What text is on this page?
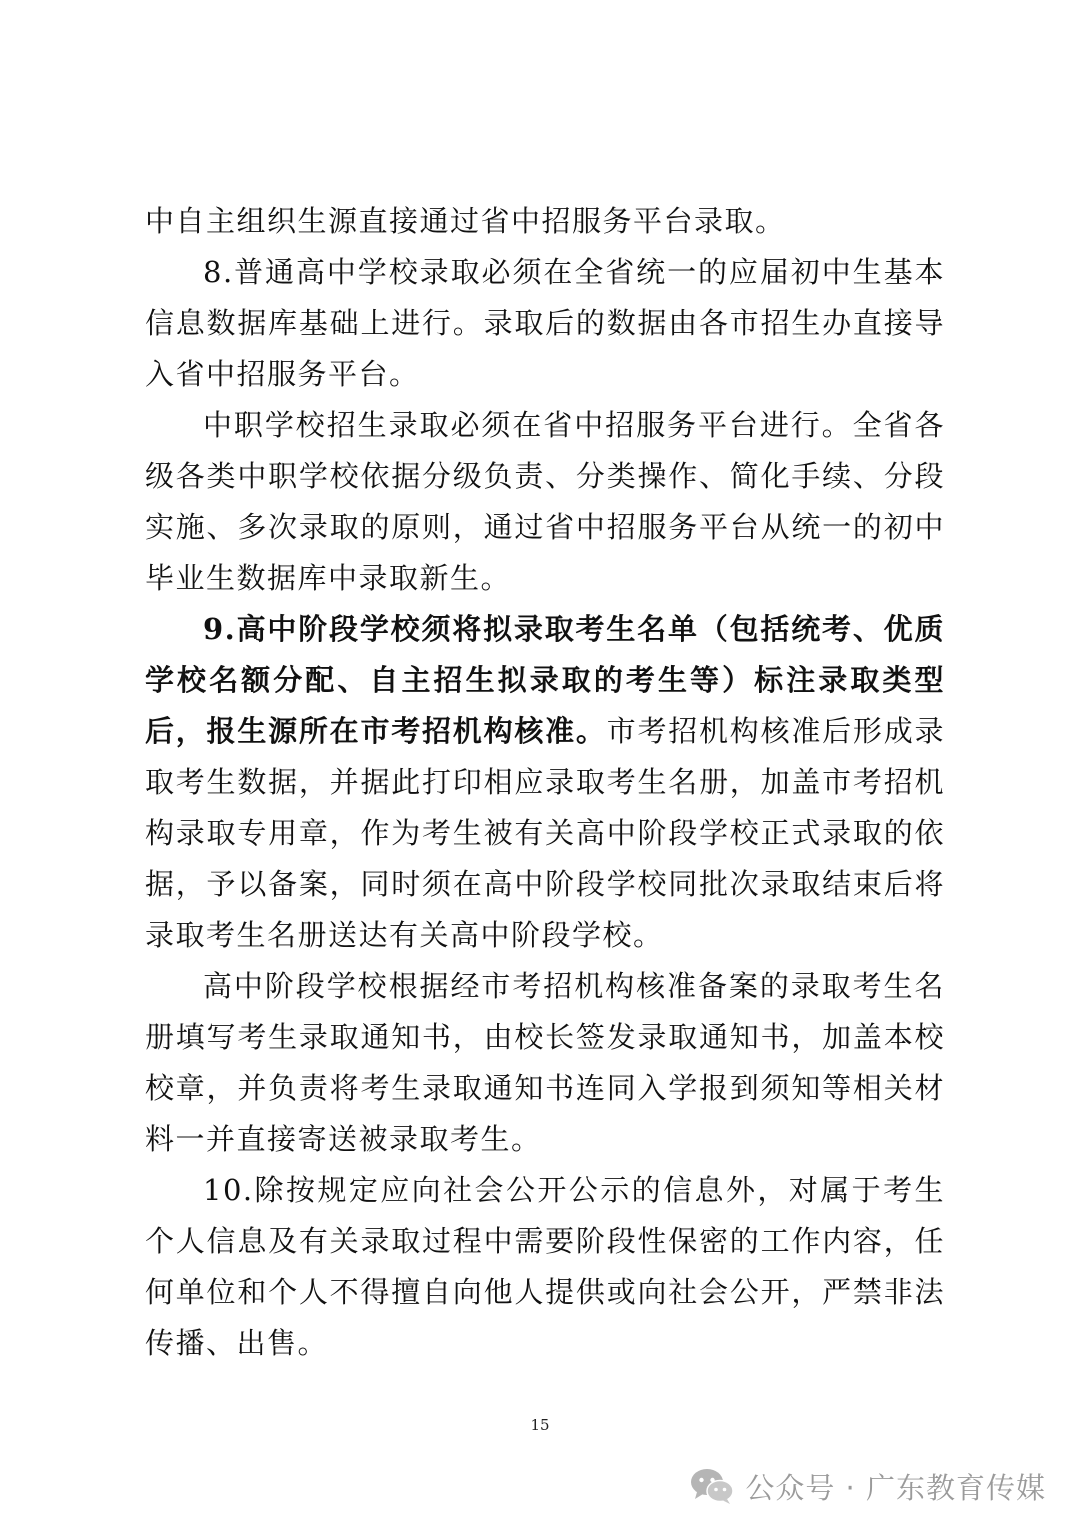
中自主组织生源直接通过省中招服务平台录取。

8.普通高中学校录取必须在全省统一的应届初中生基本信息数据库基础上进行。录取后的数据由各市招生办直接导入省中招服务平台。

中职学校招生录取必须在省中招服务平台进行。全省各级各类中职学校依据分级负责、分类操作、简化手续、分段实施、多次录取的原则，通过省中招服务平台从统一的初中毕业生数据库中录取新生。

9.高中阶段学校须将拟录取考生名单（包括统考、优质学校名额分配、自主招生拟录取的考生等）标注录取类型后，报生源所在市考招机构核准。市考招机构核准后形成录取考生数据，并据此打印相应录取考生名册，加盖市考招机构录取专用章，作为考生被有关高中阶段学校正式录取的依据，予以备案，同时须在高中阶段学校同批次录取结束后将录取考生名册送达有关高中阶段学校。

高中阶段学校根据经市考招机构核准备案的录取考生名册填写考生录取通知书，由校长签发录取通知书，加盖本校校章，并负责将考生录取通知书连同入学报到须知等相关材料一并直接寄送被录取考生。

10.除按规定应向社会公开公示的信息外，对属于考生个人信息及有关录取过程中需要阶段性保密的工作内容，任何单位和个人不得擅自向他人提供或向社会公开，严禁非法传播、出售。

15
公众号 · 广东教育传媒
